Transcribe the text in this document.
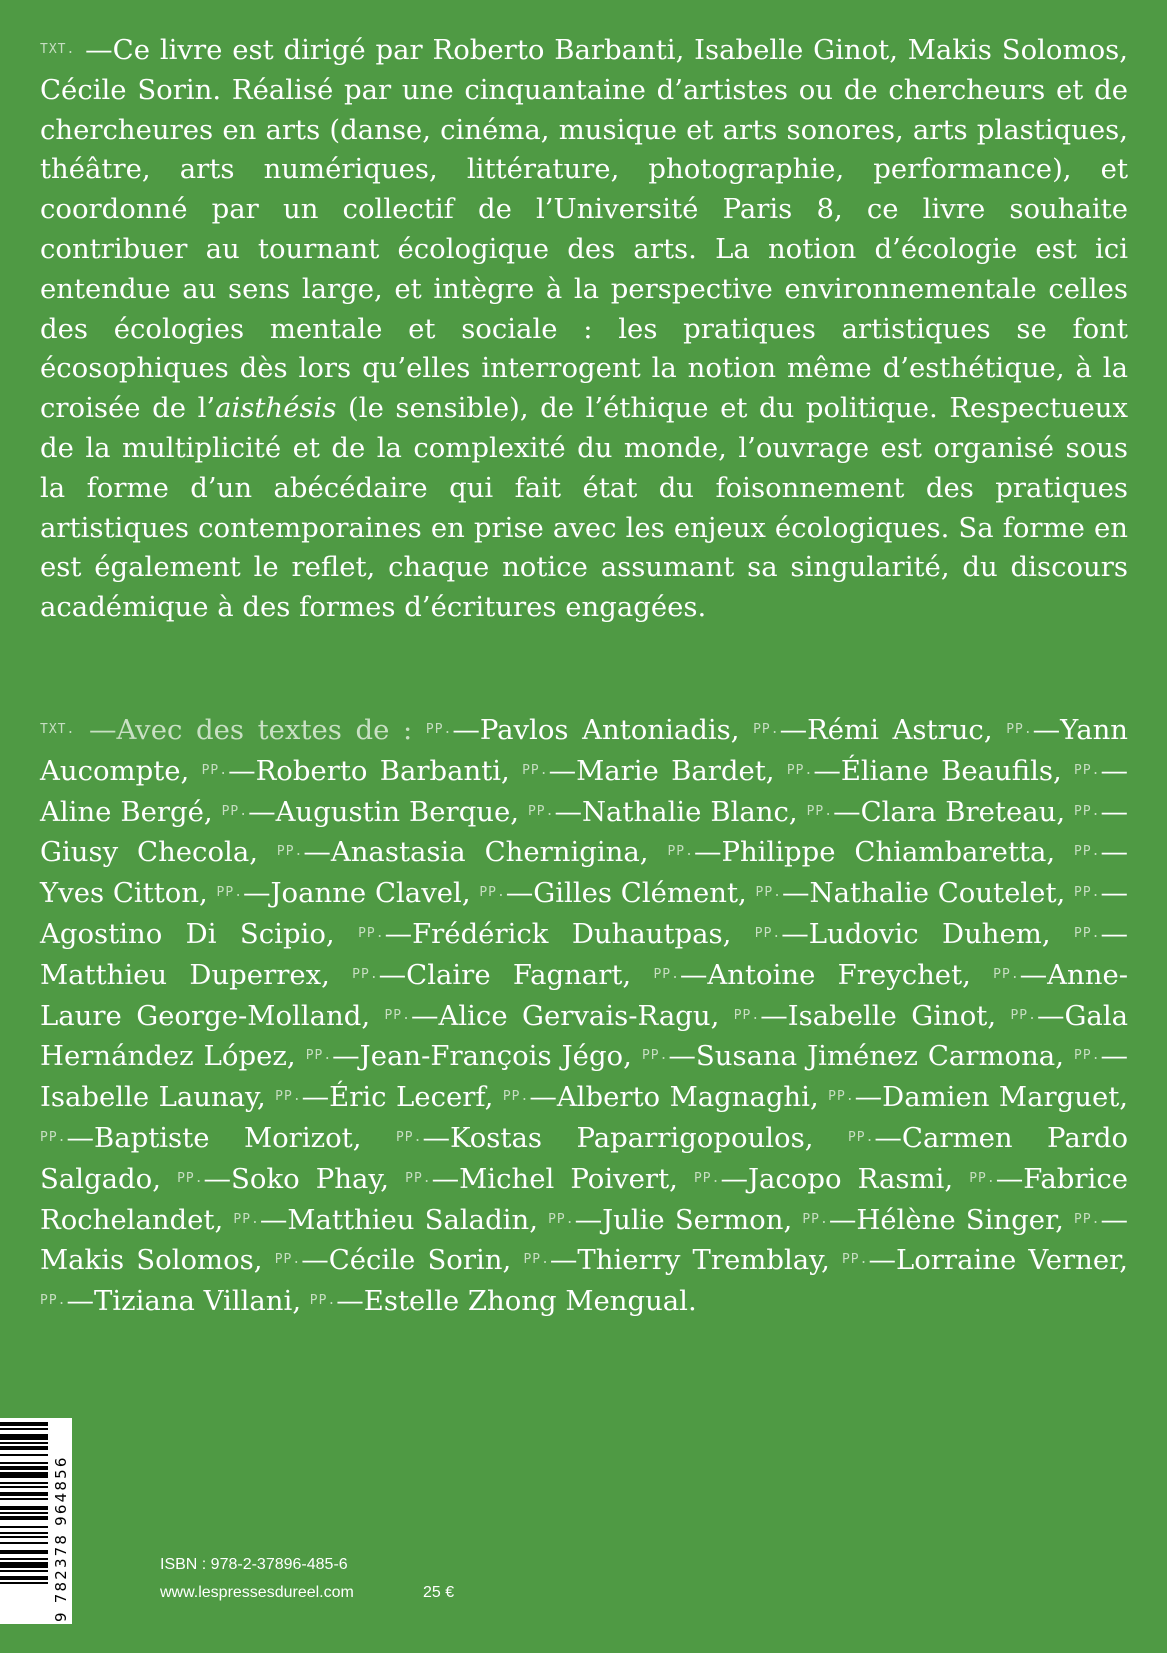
$^{TXT.}$ —Ce livre est dirigé par Roberto Barbanti, Isabelle Ginot, Makis Solomos, Cécile Sorin. Réalisé par une cinquantaine d’artistes ou de chercheurs et de chercheures en arts (danse, cinéma, musique et arts sonores, arts plastiques, théâtre, arts numériques, littérature, photographie, performance), et coordonné par un collectif de l’Université Paris 8, ce livre souhaite contribuer au tournant écologique des arts. La notion d’écologie est ici entendue au sens large, et intègre à la perspective environnementale celles des écologies mentale et sociale : les pratiques artistiques se font écosophiques dès lors qu’elles interrogent la notion même d’esthétique, à la croisée de l’aisthésis (le sensible), de l’éthique et du politique. Respectueux de la multiplicité et de la complexité du monde, l’ouvrage est organisé sous la forme d’un abécédaire qui fait état du foisonnement des pratiques artistiques contemporaines en prise avec les enjeux écologiques. Sa forme en est également le reflet, chaque notice assumant sa singularité, du discours académique à des formes d’écritures engagées.
$^{TXT.}$ —Avec des textes de : $^{PP.}$—Pavlos Antoniadis, $^{PP.}$—Rémi Astruc, $^{PP.}$—Yann Aucompte, $^{PP.}$—Roberto Barbanti, $^{PP.}$—Marie Bardet, $^{PP.}$—Éliane Beaufils, $^{PP.}$—Aline Bergé, $^{PP.}$—Augustin Berque, $^{PP.}$—Nathalie Blanc, $^{PP.}$—Clara Breteau, $^{PP.}$—Giusy Checola, $^{PP.}$—Anastasia Chernigina, $^{PP.}$—Philippe Chiambaretta, $^{PP.}$—Yves Citton, $^{PP.}$—Joanne Clavel, $^{PP.}$—Gilles Clément, $^{PP.}$—Nathalie Coutelet, $^{PP.}$—Agostino Di Scipio, $^{PP.}$—Frédérick Duhautpas, $^{PP.}$—Ludovic Duhem, $^{PP.}$—Matthieu Duperrex, $^{PP.}$—Claire Fagnart, $^{PP.}$—Antoine Freychet, $^{PP.}$—Anne-Laure George-Molland, $^{PP.}$—Alice Gervais-Ragu, $^{PP.}$—Isabelle Ginot, $^{PP.}$—Gala Hernández López, $^{PP.}$—Jean-François Jégo, $^{PP.}$—Susana Jiménez Carmona, $^{PP.}$—Isabelle Launay, $^{PP.}$—Éric Lecerf, $^{PP.}$—Alberto Magnaghi, $^{PP.}$—Damien Marguet, $^{PP.}$—Baptiste Morizot, $^{PP.}$—Kostas Paparrigopoulos, $^{PP.}$—Carmen Pardo Salgado, $^{PP.}$—Soko Phay, $^{PP.}$—Michel Poivert, $^{PP.}$—Jacopo Rasmi, $^{PP.}$—Fabrice Rochelandet, $^{PP.}$—Matthieu Saladin, $^{PP.}$—Julie Sermon, $^{PP.}$—Hélène Singer, $^{PP.}$—Makis Solomos, $^{PP.}$—Cécile Sorin, $^{PP.}$—Thierry Tremblay, $^{PP.}$—Lorraine Verner, $^{PP.}$—Tiziana Villani, $^{PP.}$—Estelle Zhong Mengual.
9 782378 964856	ISBN : 978-2-37896-485-6
www.lespressesdureel.com	25 €
